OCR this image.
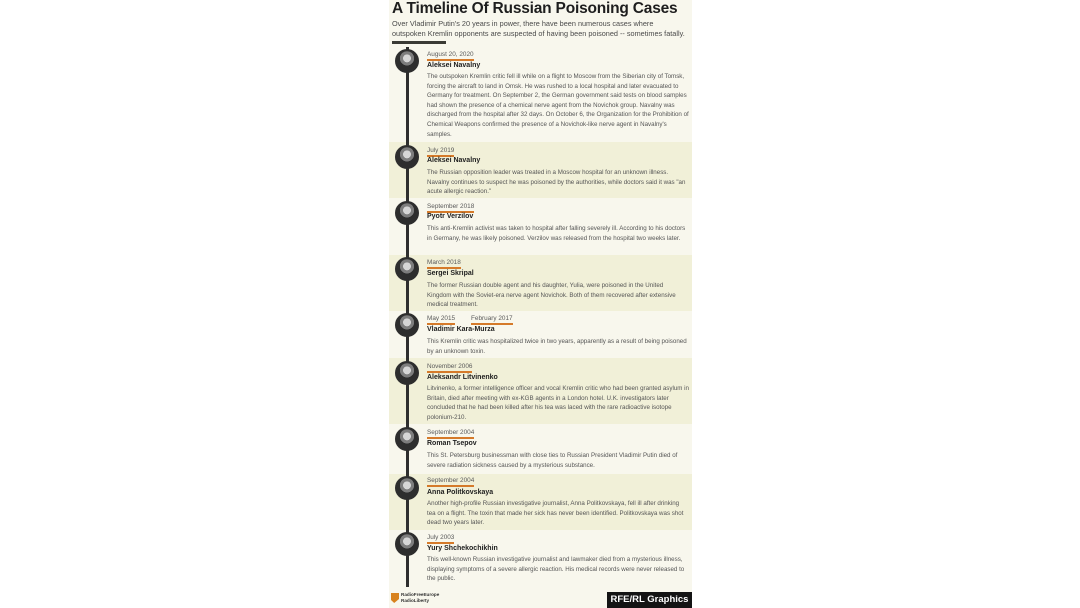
A Timeline Of Russian Poisoning Cases
Over Vladimir Putin's 20 years in power, there have been numerous cases where outspoken Kremlin opponents are suspected of having been poisoned -- sometimes fatally.
August 20, 2020
Aleksei Navalny
The outspoken Kremlin critic fell ill while on a flight to Moscow from the Siberian city of Tomsk, forcing the aircraft to land in Omsk. He was rushed to a local hospital and later evacuated to Germany for treatment. On September 2, the German government said tests on blood samples had shown the presence of a chemical nerve agent from the Novichok group. Navalny was discharged from the hospital after 32 days. On October 6, the Organization for the Prohibition of Chemical Weapons confirmed the presence of a Novichok-like nerve agent in Navalny's samples.
July 2019
Aleksei Navalny
The Russian opposition leader was treated in a Moscow hospital for an unknown illness. Navalny continues to suspect he was poisoned by the authorities, while doctors said it was "an acute allergic reaction."
September 2018
Pyotr Verzilov
This anti-Kremlin activist was taken to hospital after falling severely ill. According to his doctors in Germany, he was likely poisoned. Verzilov was released from the hospital two weeks later.
March 2018
Sergei Skripal
The former Russian double agent and his daughter, Yulia, were poisoned in the United Kingdom with the Soviet-era nerve agent Novichok. Both of them recovered after extensive medical treatment.
May 2015 February 2017
Vladimir Kara-Murza
This Kremlin critic was hospitalized twice in two years, apparently as a result of being poisoned by an unknown toxin.
November 2006
Aleksandr Litvinenko
Litvinenko, a former intelligence officer and vocal Kremlin critic who had been granted asylum in Britain, died after meeting with ex-KGB agents in a London hotel. U.K. investigators later concluded that he had been killed after his tea was laced with the rare radioactive isotope polonium-210.
September 2004
Roman Tsepov
This St. Petersburg businessman with close ties to Russian President Vladimir Putin died of severe radiation sickness caused by a mysterious substance.
September 2004
Anna Politkovskaya
Another high-profile Russian investigative journalist, Anna Politkovskaya, fell ill after drinking tea on a flight. The toxin that made her sick has never been identified. Politkovskaya was shot dead two years later.
July 2003
Yury Shchekochikhin
This well-known Russian investigative journalist and lawmaker died from a mysterious illness, displaying symptoms of a severe allergic reaction. His medical records were never released to the public.
RadioFreeEurope
RadioLiberty	RFE/RL Graphics
